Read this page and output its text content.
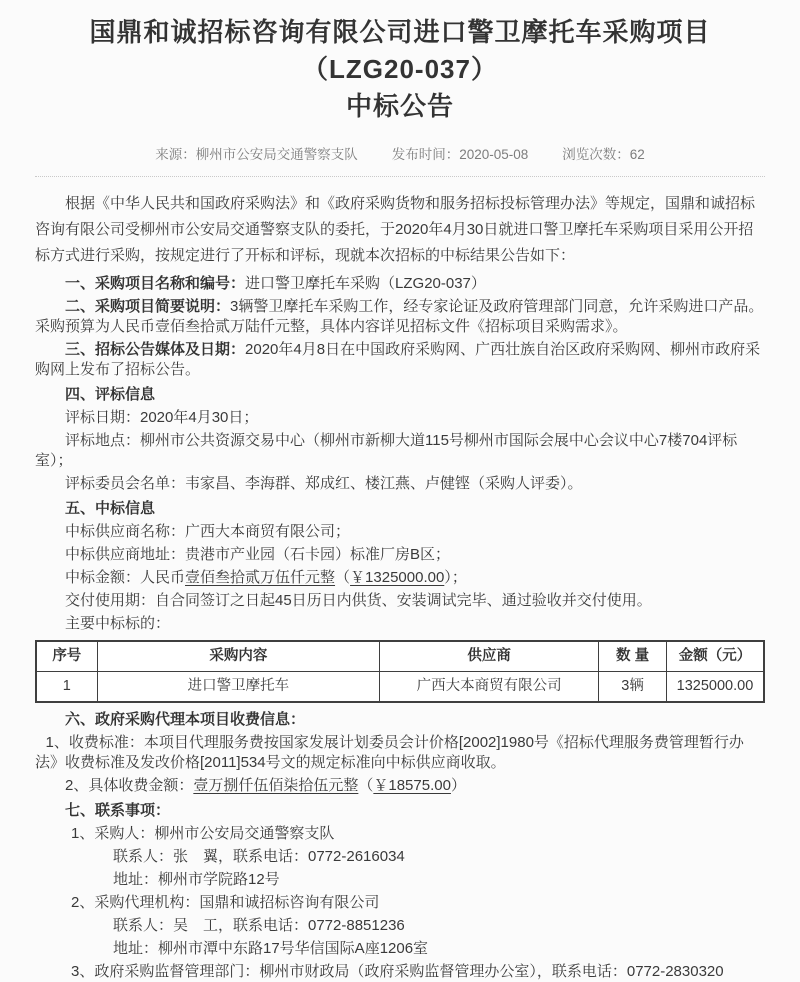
国鼎和诚招标咨询有限公司进口警卫摩托车采购项目（LZG20-037）
中标公告
来源：柳州市公安局交通警察支队	发布时间：2020-05-08	浏览次数：62

根据《中华人民共和国政府采购法》和《政府采购货物和服务招标投标管理办法》等规定，国鼎和诚招标咨询有限公司受柳州市公安局交通警察支队的委托，于2020年4月30日就进口警卫摩托车采购项目采用公开招标方式进行采购，按规定进行了开标和评标，现就本次招标的中标结果公告如下：

一、采购项目名称和编号：进口警卫摩托车采购（LZG20-037）

二、采购项目简要说明：3辆警卫摩托车采购工作，经专家论证及政府管理部门同意，允许采购进口产品。采购预算为人民币壹佰叁拾贰万陆仟元整，具体内容详见招标文件《招标项目采购需求》。

三、招标公告媒体及日期：2020年4月8日在中国政府采购网、广西壮族自治区政府采购网、柳州市政府采购网上发布了招标公告。

四、评标信息

评标日期：2020年4月30日；

评标地点：柳州市公共资源交易中心（柳州市新柳大道115号柳州市国际会展中心会议中心7楼704评标室）；

评标委员会名单：韦家昌、李海群、郑成红、楼江燕、卢健铿（采购人评委）。

五、中标信息

中标供应商名称：广西大本商贸有限公司；

中标供应商地址：贵港市产业园（石卡园）标准厂房B区；

中标金额：人民币壹佰叁拾贰万伍仟元整（￥1325000.00）；

交付使用期：自合同签订之日起45日历日内供货、安装调试完毕、通过验收并交付使用。

主要中标标的：

序号	采购内容	供应商	数 量	金额（元）
1	进口警卫摩托车	广西大本商贸有限公司	3辆	1325000.00

六、政府采购代理本项目收费信息：

1、收费标准：本项目代理服务费按国家发展计划委员会计价格[2002]1980号《招标代理服务费管理暂行办法》收费标准及发改价格[2011]534号文的规定标准向中标供应商收取。

2、具体收费金额：壹万捌仟伍佰柒拾伍元整（￥18575.00）

七、联系事项：

1、采购人：柳州市公安局交通警察支队

联系人：张　翼，联系电话：0772-2616034

地址：柳州市学院路12号

2、采购代理机构：国鼎和诚招标咨询有限公司

联系人：吴　工，联系电话：0772-8851236

地址：柳州市潭中东路17号华信国际A座1206室

3、政府采购监督管理部门：柳州市财政局（政府采购监督管理办公室），联系电话：0772-2830320
